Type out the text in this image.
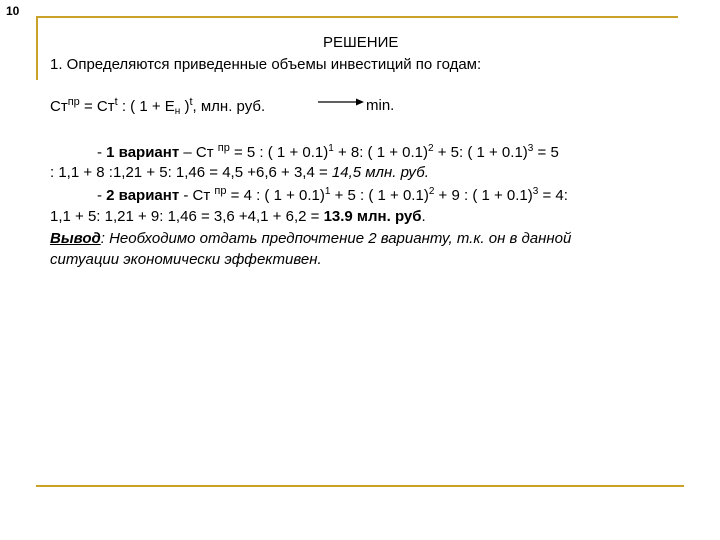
10
РЕШЕНИЕ
1. Определяются приведенные объемы инвестиций по годам:
$Ст^{пр} = Ст^t$ : ( $1 + Е_н$ )$^t$, млн. руб.	min.
- 1 вариант – Ст $^{пр}$ = 5 : ( 1 + 0.1)$^1$ + 8: ( 1 + 0.1)$^2$ + 5: ( 1 + 0.1)$^3$ = 5
: 1,1 + 8 :1,21 + 5: 1,46 = 4,5 +6,6 + 3,4 = 14,5 млн. руб.
- 2 вариант - Ст $^{пр}$ = 4 : ( 1 + 0.1)$^1$ + 5 : ( 1 + 0.1)$^2$ + 9 : ( 1 + 0.1)$^3$ = 4:
1,1 + 5: 1,21 + 9: 1,46 = 3,6 +4,1 + 6,2 = 13.9 млн. руб.
Вывод: Необходимо отдать предпочтение 2 варианту, т.к. он в данной
ситуации экономически эффективен.
